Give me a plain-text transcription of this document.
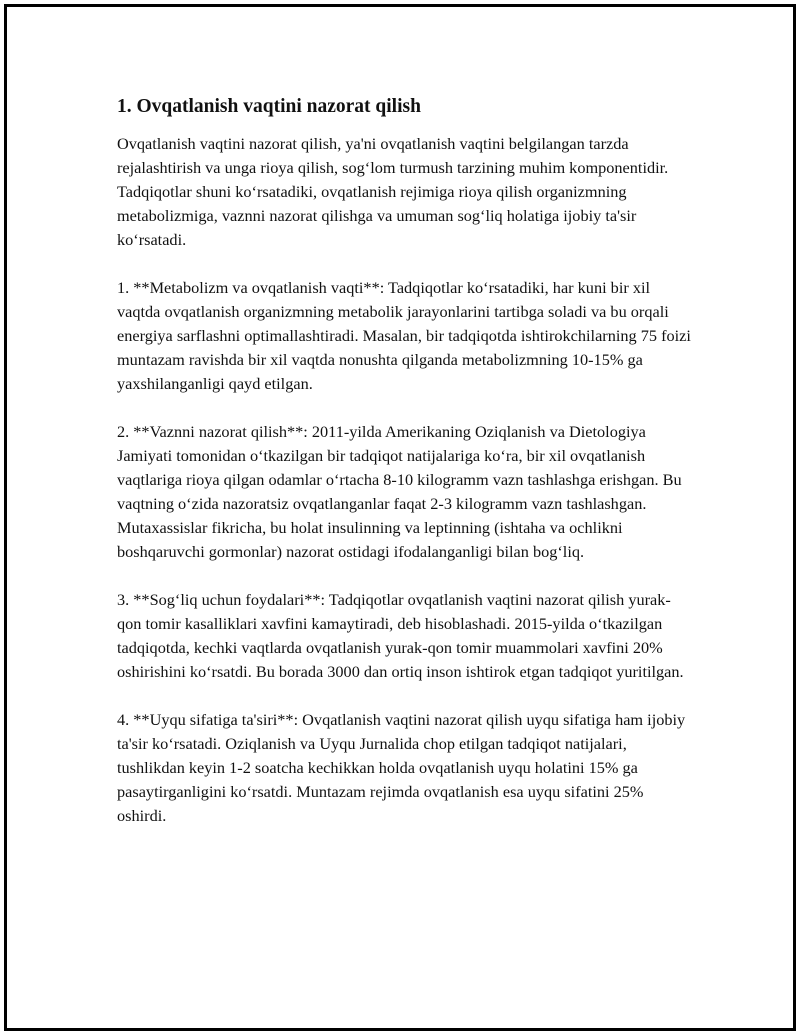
1. Ovqatlanish vaqtini nazorat qilish

Ovqatlanish vaqtini nazorat qilish, ya'ni ovqatlanish vaqtini belgilangan tarzda rejalashtirish va unga rioya qilish, sog‘lom turmush tarzining muhim komponentidir. Tadqiqotlar shuni ko‘rsatadiki, ovqatlanish rejimiga rioya qilish organizmning metabolizmiga, vaznni nazorat qilishga va umuman sog‘liq holatiga ijobiy ta'sir ko‘rsatadi.

1. **Metabolizm va ovqatlanish vaqti**: Tadqiqotlar ko‘rsatadiki, har kuni bir xil vaqtda ovqatlanish organizmning metabolik jarayonlarini tartibga soladi va bu orqali energiya sarflashni optimallashtiradi. Masalan, bir tadqiqotda ishtirokchilarning 75 foizi muntazam ravishda bir xil vaqtda nonushta qilganda metabolizmning 10-15% ga yaxshilanganligi qayd etilgan.

2. **Vaznni nazorat qilish**: 2011-yilda Amerikaning Oziqlanish va Dietologiya Jamiyati tomonidan o‘tkazilgan bir tadqiqot natijalariga ko‘ra, bir xil ovqatlanish vaqtlariga rioya qilgan odamlar o‘rtacha 8-10 kilogramm vazn tashlashga erishgan. Bu vaqtning o‘zida nazoratsiz ovqatlanganlar faqat 2-3 kilogramm vazn tashlashgan. Mutaxassislar fikricha, bu holat insulinning va leptinning (ishtaha va ochlikni boshqaruvchi gormonlar) nazorat ostidagi ifodalanganligi bilan bog‘liq.

3. **Sog‘liq uchun foydalari**: Tadqiqotlar ovqatlanish vaqtini nazorat qilish yurak-qon tomir kasalliklari xavfini kamaytiradi, deb hisoblashadi. 2015-yilda o‘tkazilgan tadqiqotda, kechki vaqtlarda ovqatlanish yurak-qon tomir muammolari xavfini 20% oshirishini ko‘rsatdi. Bu borada 3000 dan ortiq inson ishtirok etgan tadqiqot yuritilgan.

4. **Uyqu sifatiga ta'siri**: Ovqatlanish vaqtini nazorat qilish uyqu sifatiga ham ijobiy ta'sir ko‘rsatadi. Oziqlanish va Uyqu Jurnalida chop etilgan tadqiqot natijalari, tushlikdan keyin 1-2 soatcha kechikkan holda ovqatlanish uyqu holatini 15% ga pasaytirganligini ko‘rsatdi. Muntazam rejimda ovqatlanish esa uyqu sifatini 25% oshirdi.
